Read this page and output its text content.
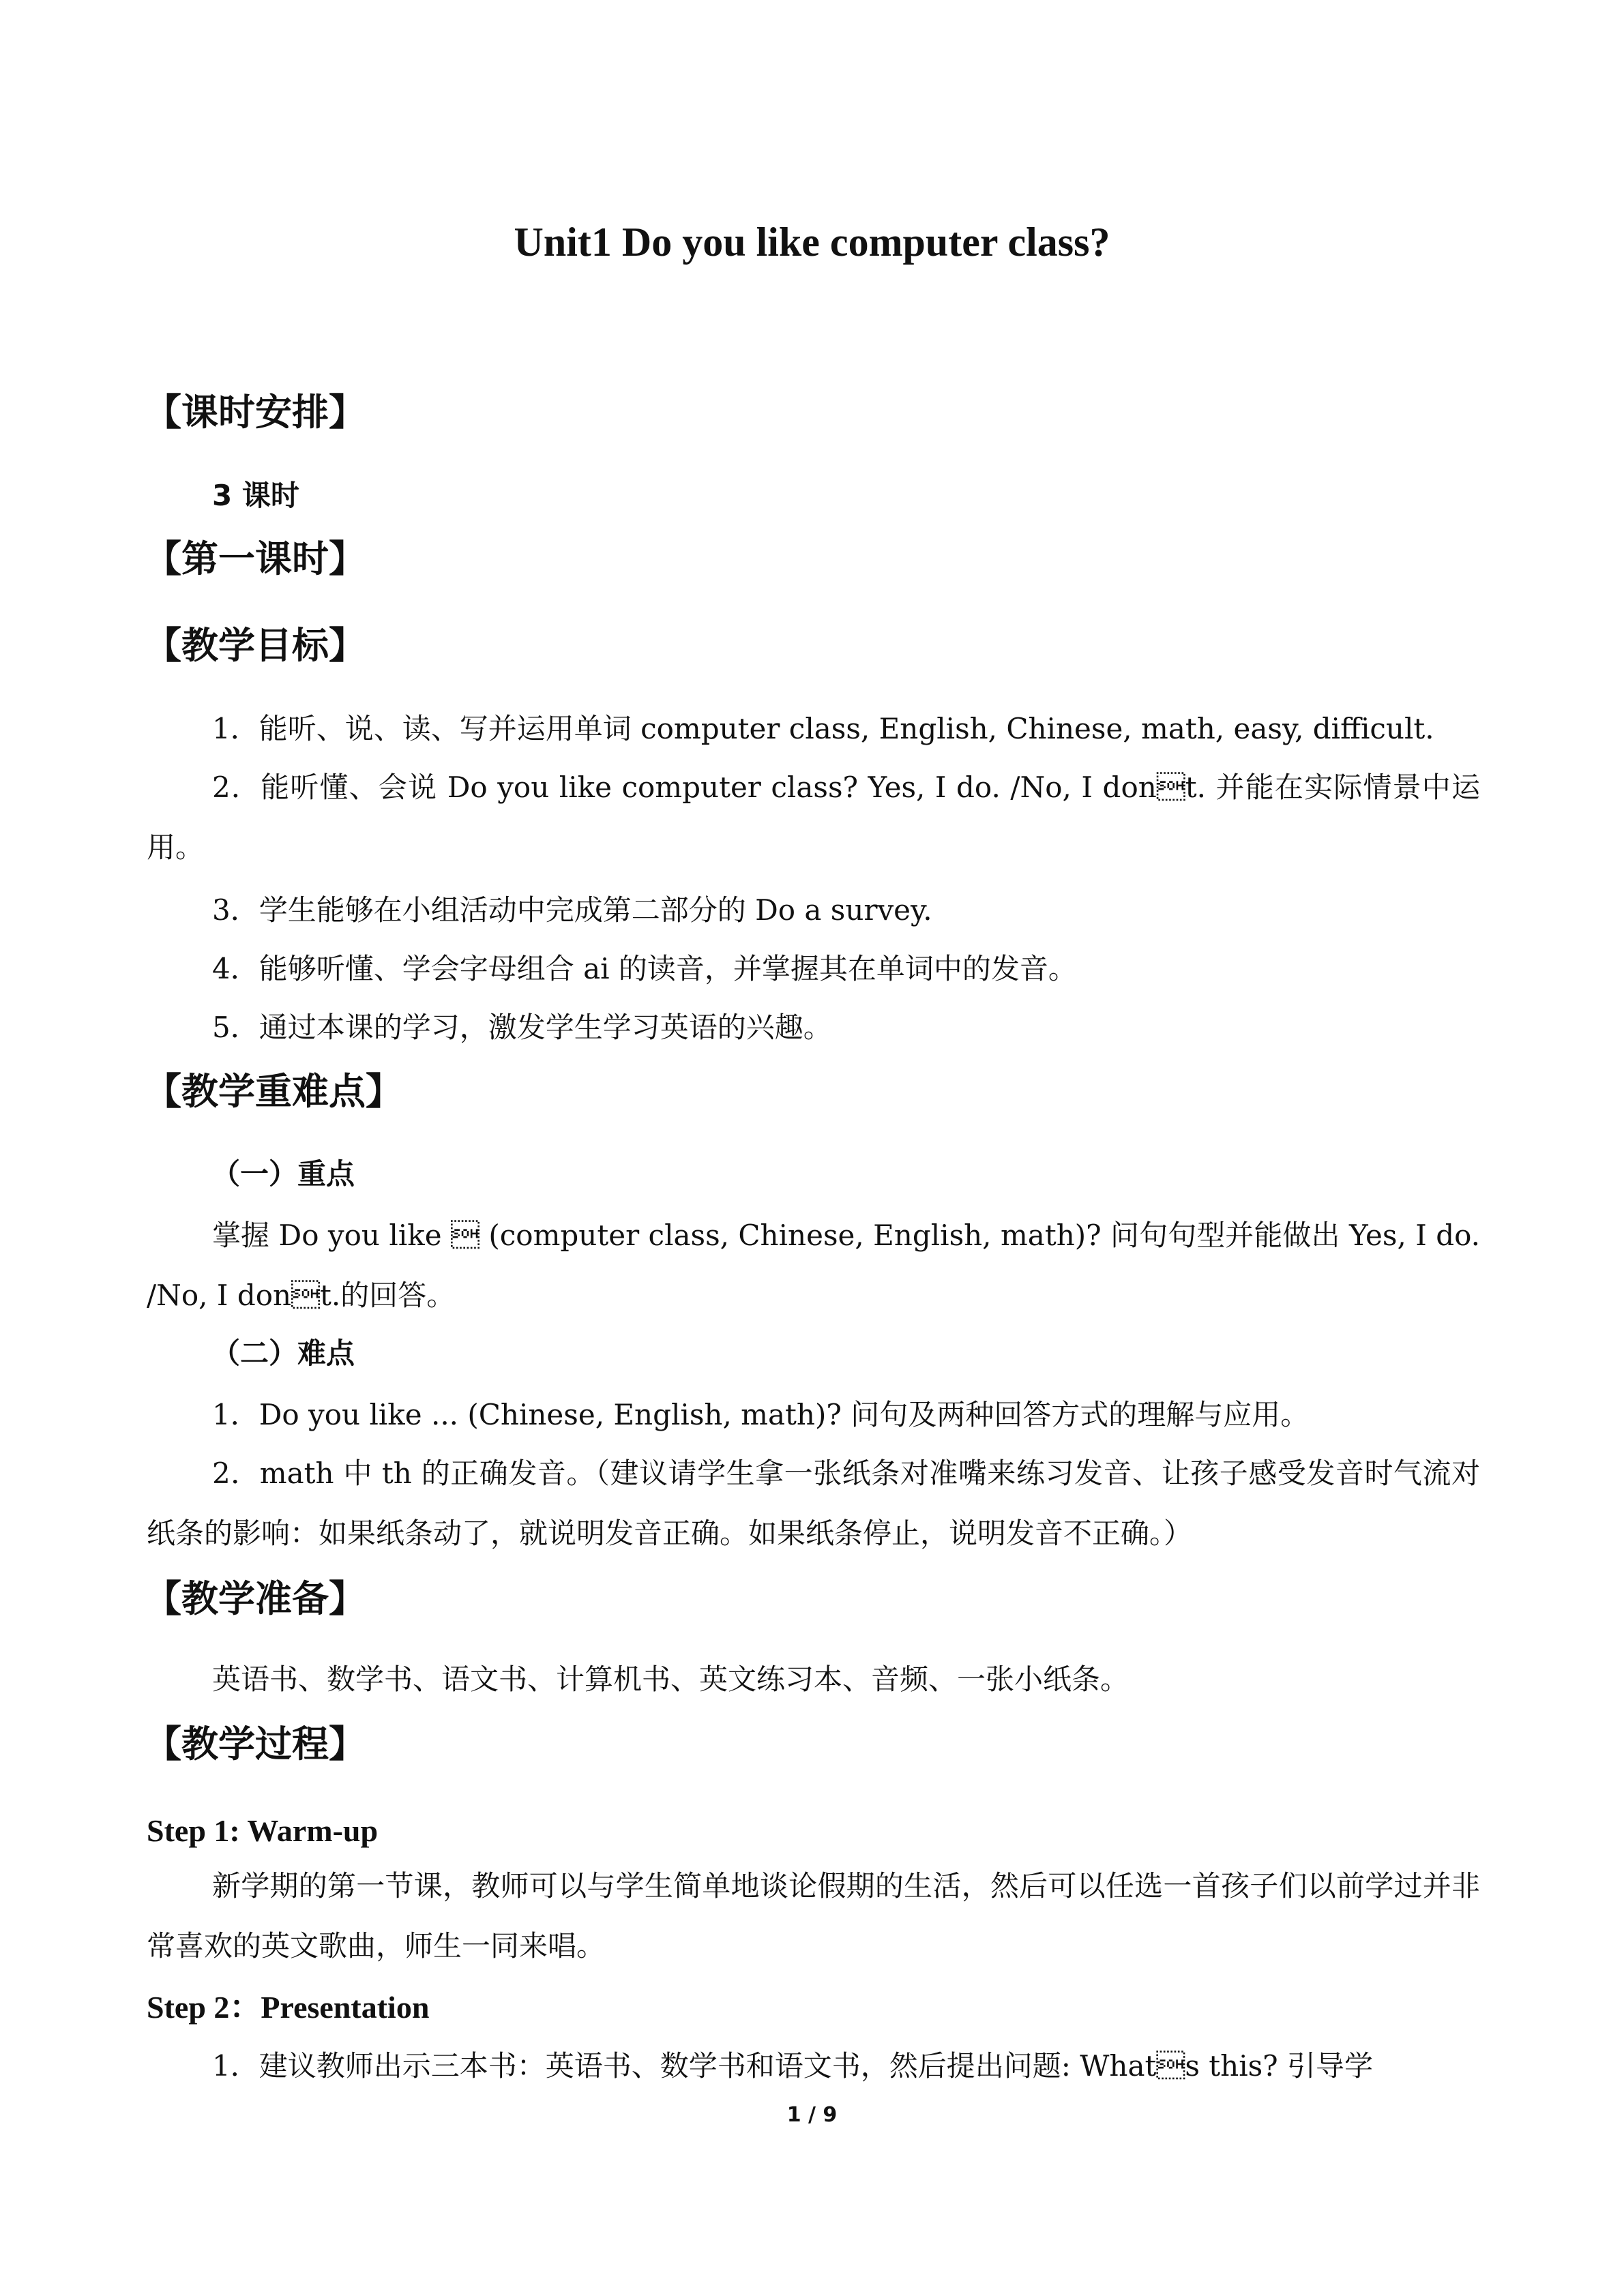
Unit1 Do you like computer class?
【课时安排】
3 课时
【第一课时】
【教学目标】
1．能听、说、读、写并运用单词 computer class, English, Chinese, math, easy, difficult.
2．能听懂、会说 Do you like computer class? Yes, I do. /No, I dont. 并能在实际情景中运用。
3．学生能够在小组活动中完成第二部分的 Do a survey.
4．能够听懂、学会字母组合 ai 的读音，并掌握其在单词中的发音。
5．通过本课的学习，激发学生学习英语的兴趣。
【教学重难点】
（一）重点
掌握 Do you like  (computer class, Chinese, English, math)? 问句句型并能做出 Yes, I do. /No, I dont.的回答。
（二）难点
1．Do you like ... (Chinese, English, math)? 问句及两种回答方式的理解与应用。
2．math 中 th 的正确发音。（建议请学生拿一张纸条对准嘴来练习发音、让孩子感受发音时气流对纸条的影响：如果纸条动了，就说明发音正确。如果纸条停止，说明发音不正确。）
【教学准备】
英语书、数学书、语文书、计算机书、英文练习本、音频、一张小纸条。
【教学过程】
Step 1: Warm-up
新学期的第一节课，教师可以与学生简单地谈论假期的生活，然后可以任选一首孩子们以前学过并非常喜欢的英文歌曲，师生一同来唱。
Step 2：Presentation
1．建议教师出示三本书：英语书、数学书和语文书，然后提出问题: Whats this? 引导学
1 / 9
